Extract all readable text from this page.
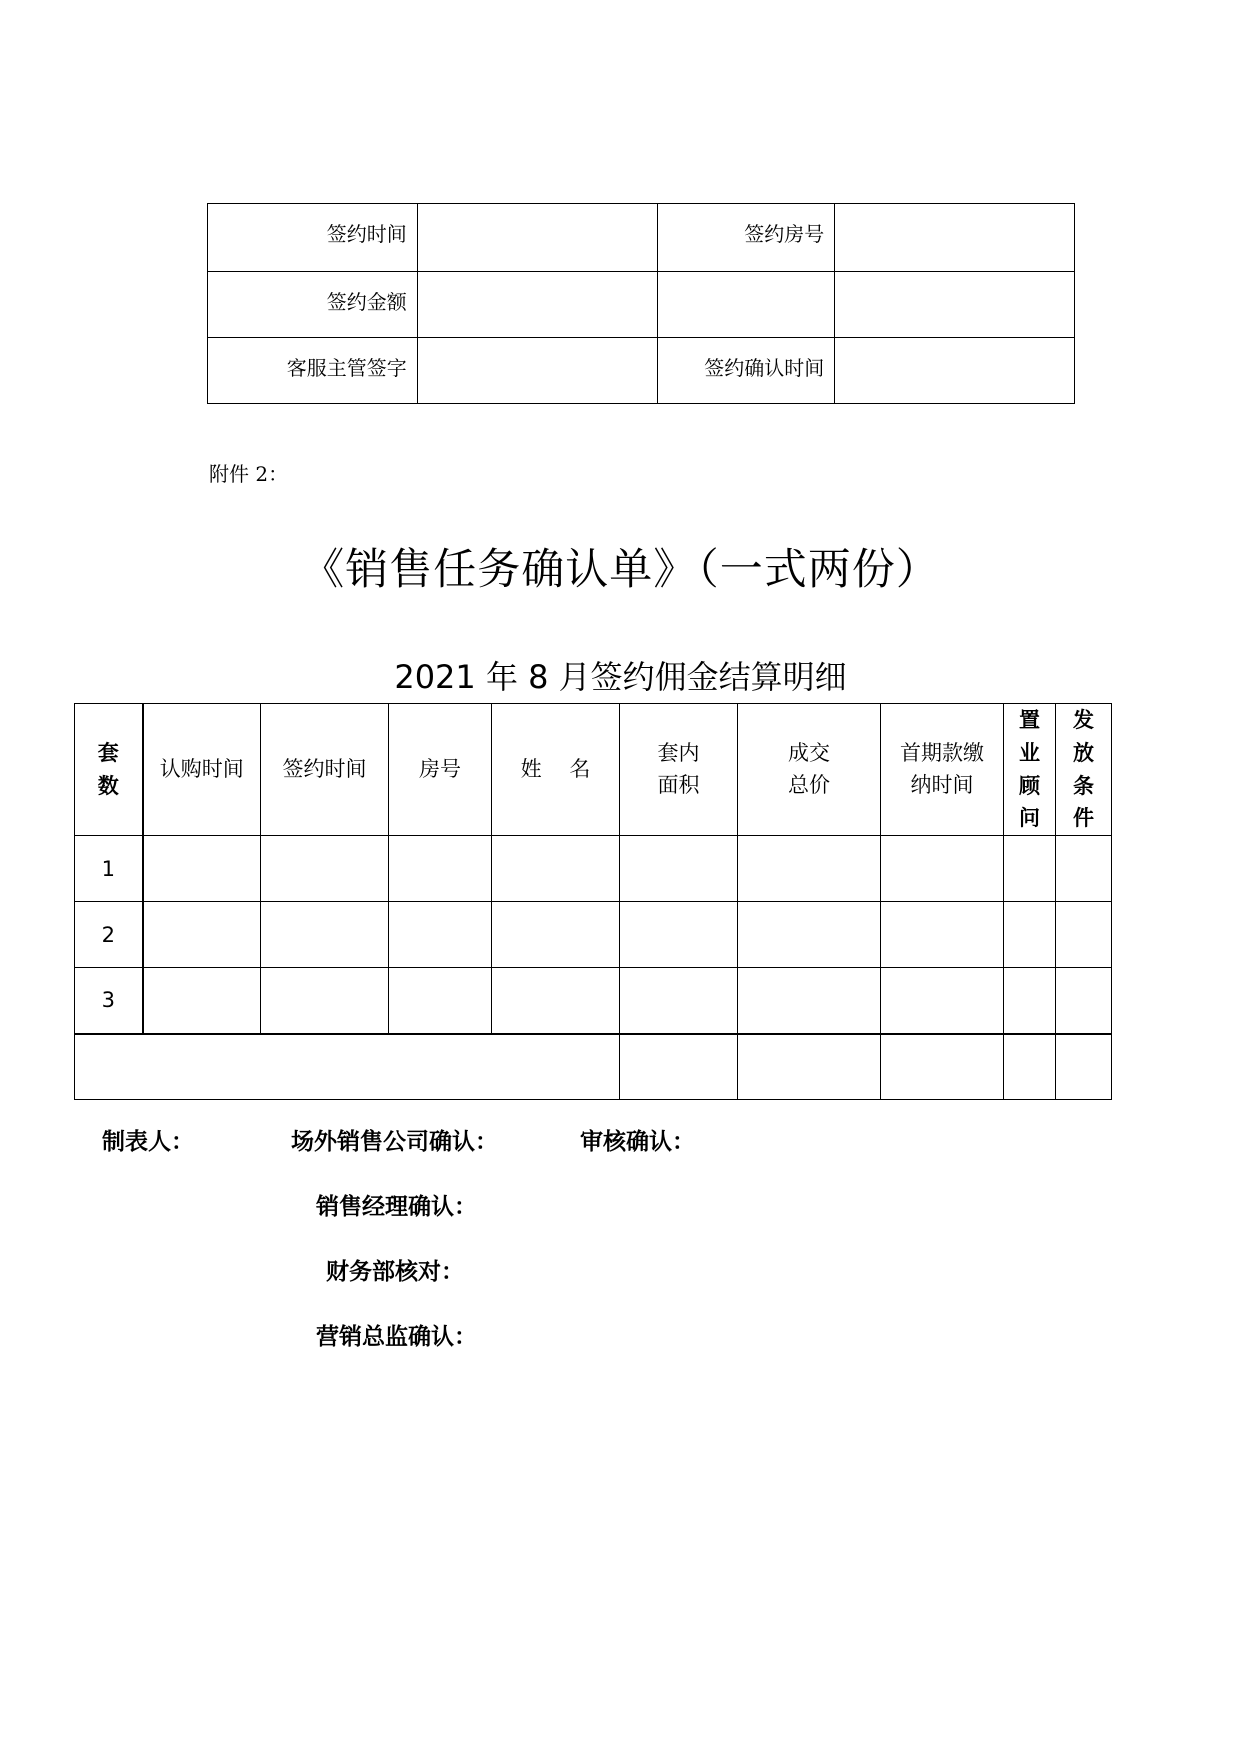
签约时间		签约房号	
签约金额			
客服主管签字		签约确认时间	
附件 2：
《销售任务确认单》（一式两份）
2021 年 8 月签约佣金结算明细
套数	认购时间	签约时间	房号	姓　 名	套内面积	成交总价	首期款缴纳时间	置业顾问	发放条件
1									
2									
3									

制表人：	场外销售公司确认：	审核确认：
销售经理确认：
财务部核对：
营销总监确认：
